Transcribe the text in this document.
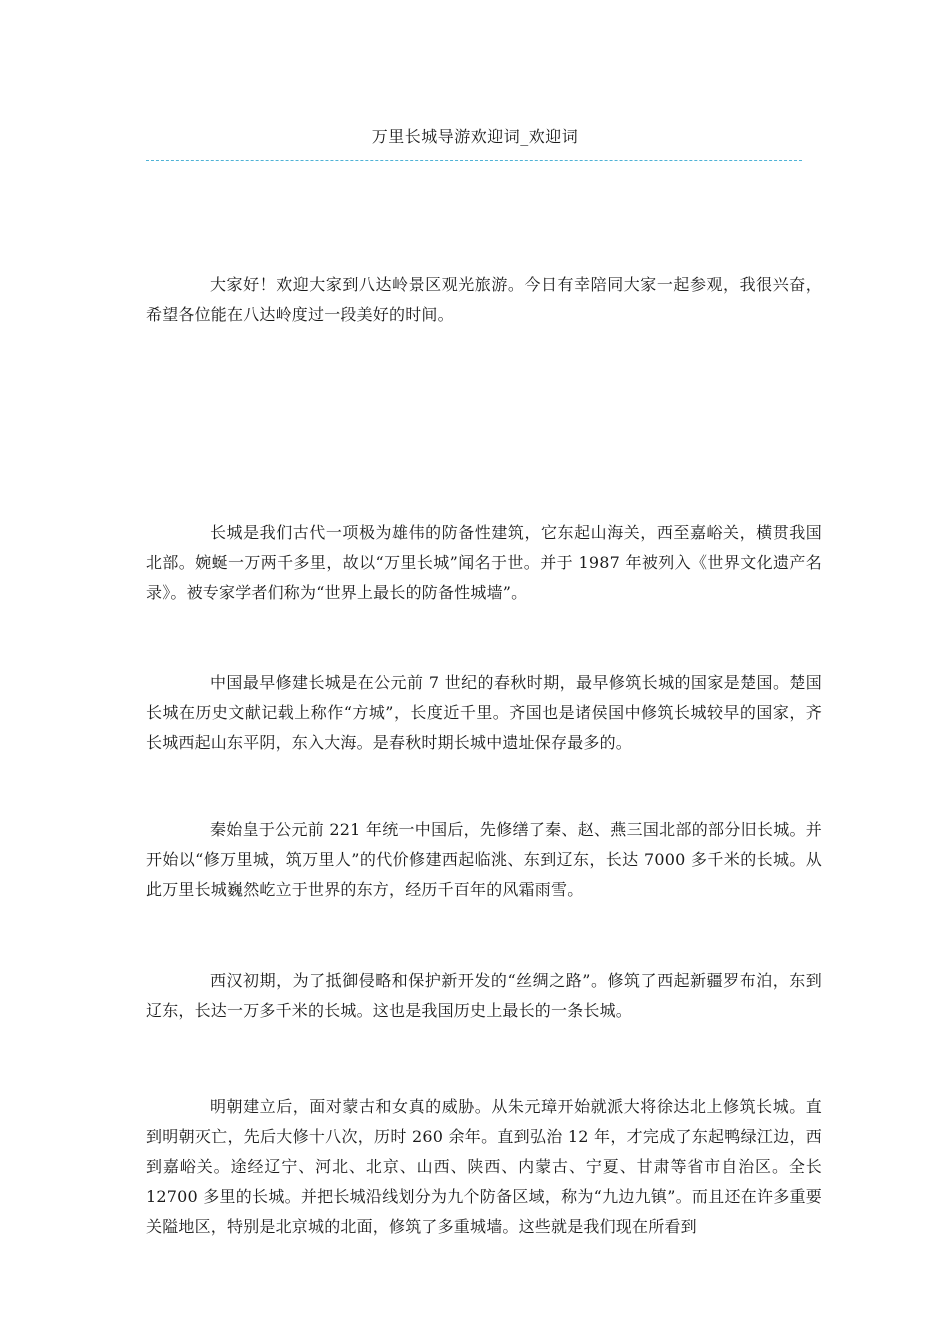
万里长城导游欢迎词_欢迎词

大家好！欢迎大家到八达岭景区观光旅游。今日有幸陪同大家一起参观，我很兴奋，希望各位能在八达岭度过一段美好的时间。

长城是我们古代一项极为雄伟的防备性建筑，它东起山海关，西至嘉峪关，横贯我国北部。婉蜒一万两千多里，故以“万里长城”闻名于世。并于 1987 年被列入《世界文化遗产名录》。被专家学者们称为“世界上最长的防备性城墙”。

中国最早修建长城是在公元前 7 世纪的春秋时期，最早修筑长城的国家是楚国。楚国长城在历史文献记载上称作“方城”，长度近千里。齐国也是诸侯国中修筑长城较早的国家，齐长城西起山东平阴，东入大海。是春秋时期长城中遗址保存最多的。

秦始皇于公元前 221 年统一中国后，先修缮了秦、赵、燕三国北部的部分旧长城。并开始以“修万里城，筑万里人”的代价修建西起临洮、东到辽东，长达 7000 多千米的长城。从此万里长城巍然屹立于世界的东方，经历千百年的风霜雨雪。

西汉初期，为了抵御侵略和保护新开发的“丝绸之路”。修筑了西起新疆罗布泊，东到辽东，长达一万多千米的长城。这也是我国历史上最长的一条长城。

明朝建立后，面对蒙古和女真的威胁。从朱元璋开始就派大将徐达北上修筑长城。直到明朝灭亡，先后大修十八次，历时 260 余年。直到弘治 12 年，才完成了东起鸭绿江边，西到嘉峪关。途经辽宁、河北、北京、山西、陕西、内蒙古、宁夏、甘肃等省市自治区。全长 12700 多里的长城。并把长城沿线划分为九个防备区域，称为“九边九镇”。而且还在许多重要关隘地区，特别是北京城的北面，修筑了多重城墙。这些就是我们现在所看到
